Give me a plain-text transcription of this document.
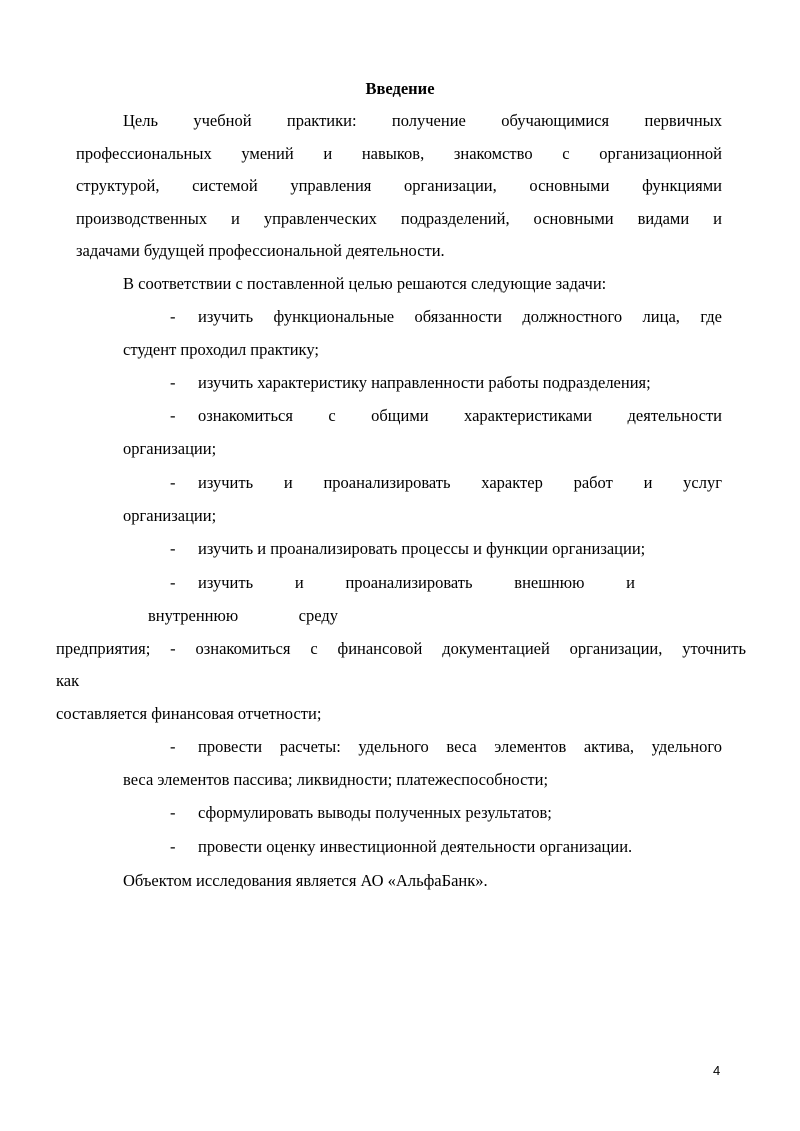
Введение
Цель учебной практики: получение обучающимися первичных
профессиональных умений и навыков, знакомство с организационной
структурой, системой управления организации, основными функциями
производственных и управленческих подразделений, основными видами и
задачами будущей профессиональной деятельности.
В соответствии с поставленной целью решаются следующие задачи:
-	изучить функциональные обязанности должностного лица, где
студент проходил практику;
-	изучить характеристику направленности работы подразделения;
-	ознакомиться с общими характеристиками деятельности
организации;
-	изучить и проанализировать характер работ и услуг
организации;
-	изучить и проанализировать процессы и функции организации;
-	изучить и проанализировать внешнюю и
внутреннюю среду
предприятия; - ознакомиться с финансовой документацией организации, уточнить
как
составляется финансовая отчетности;
-	провести расчеты: удельного веса элементов актива, удельного
веса элементов пассива; ликвидности; платежеспособности;
-	сформулировать выводы полученных результатов;
-	провести оценку инвестиционной деятельности организации.
Объектом исследования является АО «АльфаБанк».
4
